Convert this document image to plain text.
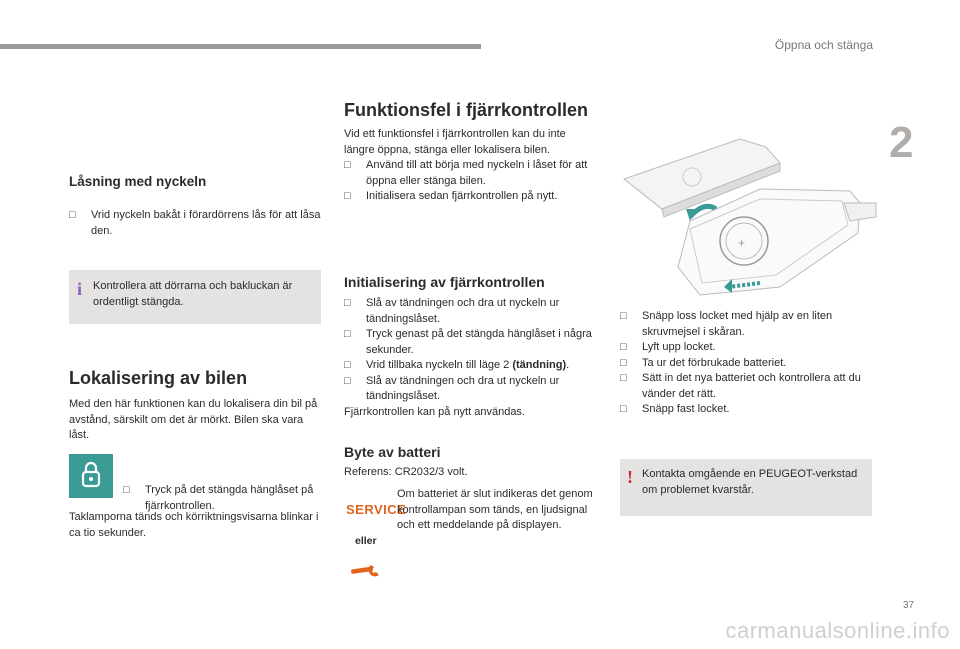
Öppna och stänga
2
Låsning med nyckeln
□ Vrid nyckeln bakåt i förardörrens lås för att låsa den.
i Kontrollera att dörrarna och bakluckan är ordentligt stängda.
Lokalisering av bilen
Med den här funktionen kan du lokalisera din bil på avstånd, särskilt om det är mörkt. Bilen ska vara låst.
□ Tryck på det stängda hänglåset på fjärrkontrollen.
Taklamporna tänds och körriktningsvisarna blinkar i ca tio sekunder.
Funktionsfel i fjärrkontrollen
Vid ett funktionsfel i fjärrkontrollen kan du inte längre öppna, stänga eller lokalisera bilen.
□ Använd till att börja med nyckeln i låset för att öppna eller stänga bilen.
□ Initialisera sedan fjärrkontrollen på nytt.
Initialisering av fjärrkontrollen
□ Slå av tändningen och dra ut nyckeln ur tändningslåset.
□ Tryck genast på det stängda hänglåset i några sekunder.
□ Vrid tillbaka nyckeln till läge 2 (tändning).
□ Slå av tändningen och dra ut nyckeln ur tändningslåset.
Fjärrkontrollen kan på nytt användas.
Byte av batteri
Referens: CR2032/3 volt.
SERVICE
eller
Om batteriet är slut indikeras det genom kontrollampan som tänds, en ljudsignal och ett meddelande på displayen.
+
□ Snäpp loss locket med hjälp av en liten skruvmejsel i skåran.
□ Lyft upp locket.
□ Ta ur det förbrukade batteriet.
□ Sätt in det nya batteriet och kontrollera att du vänder det rätt.
□ Snäpp fast locket.
! Kontakta omgående en PEUGEOT-verkstad om problemet kvarstår.
37
carmanualsonline.info
